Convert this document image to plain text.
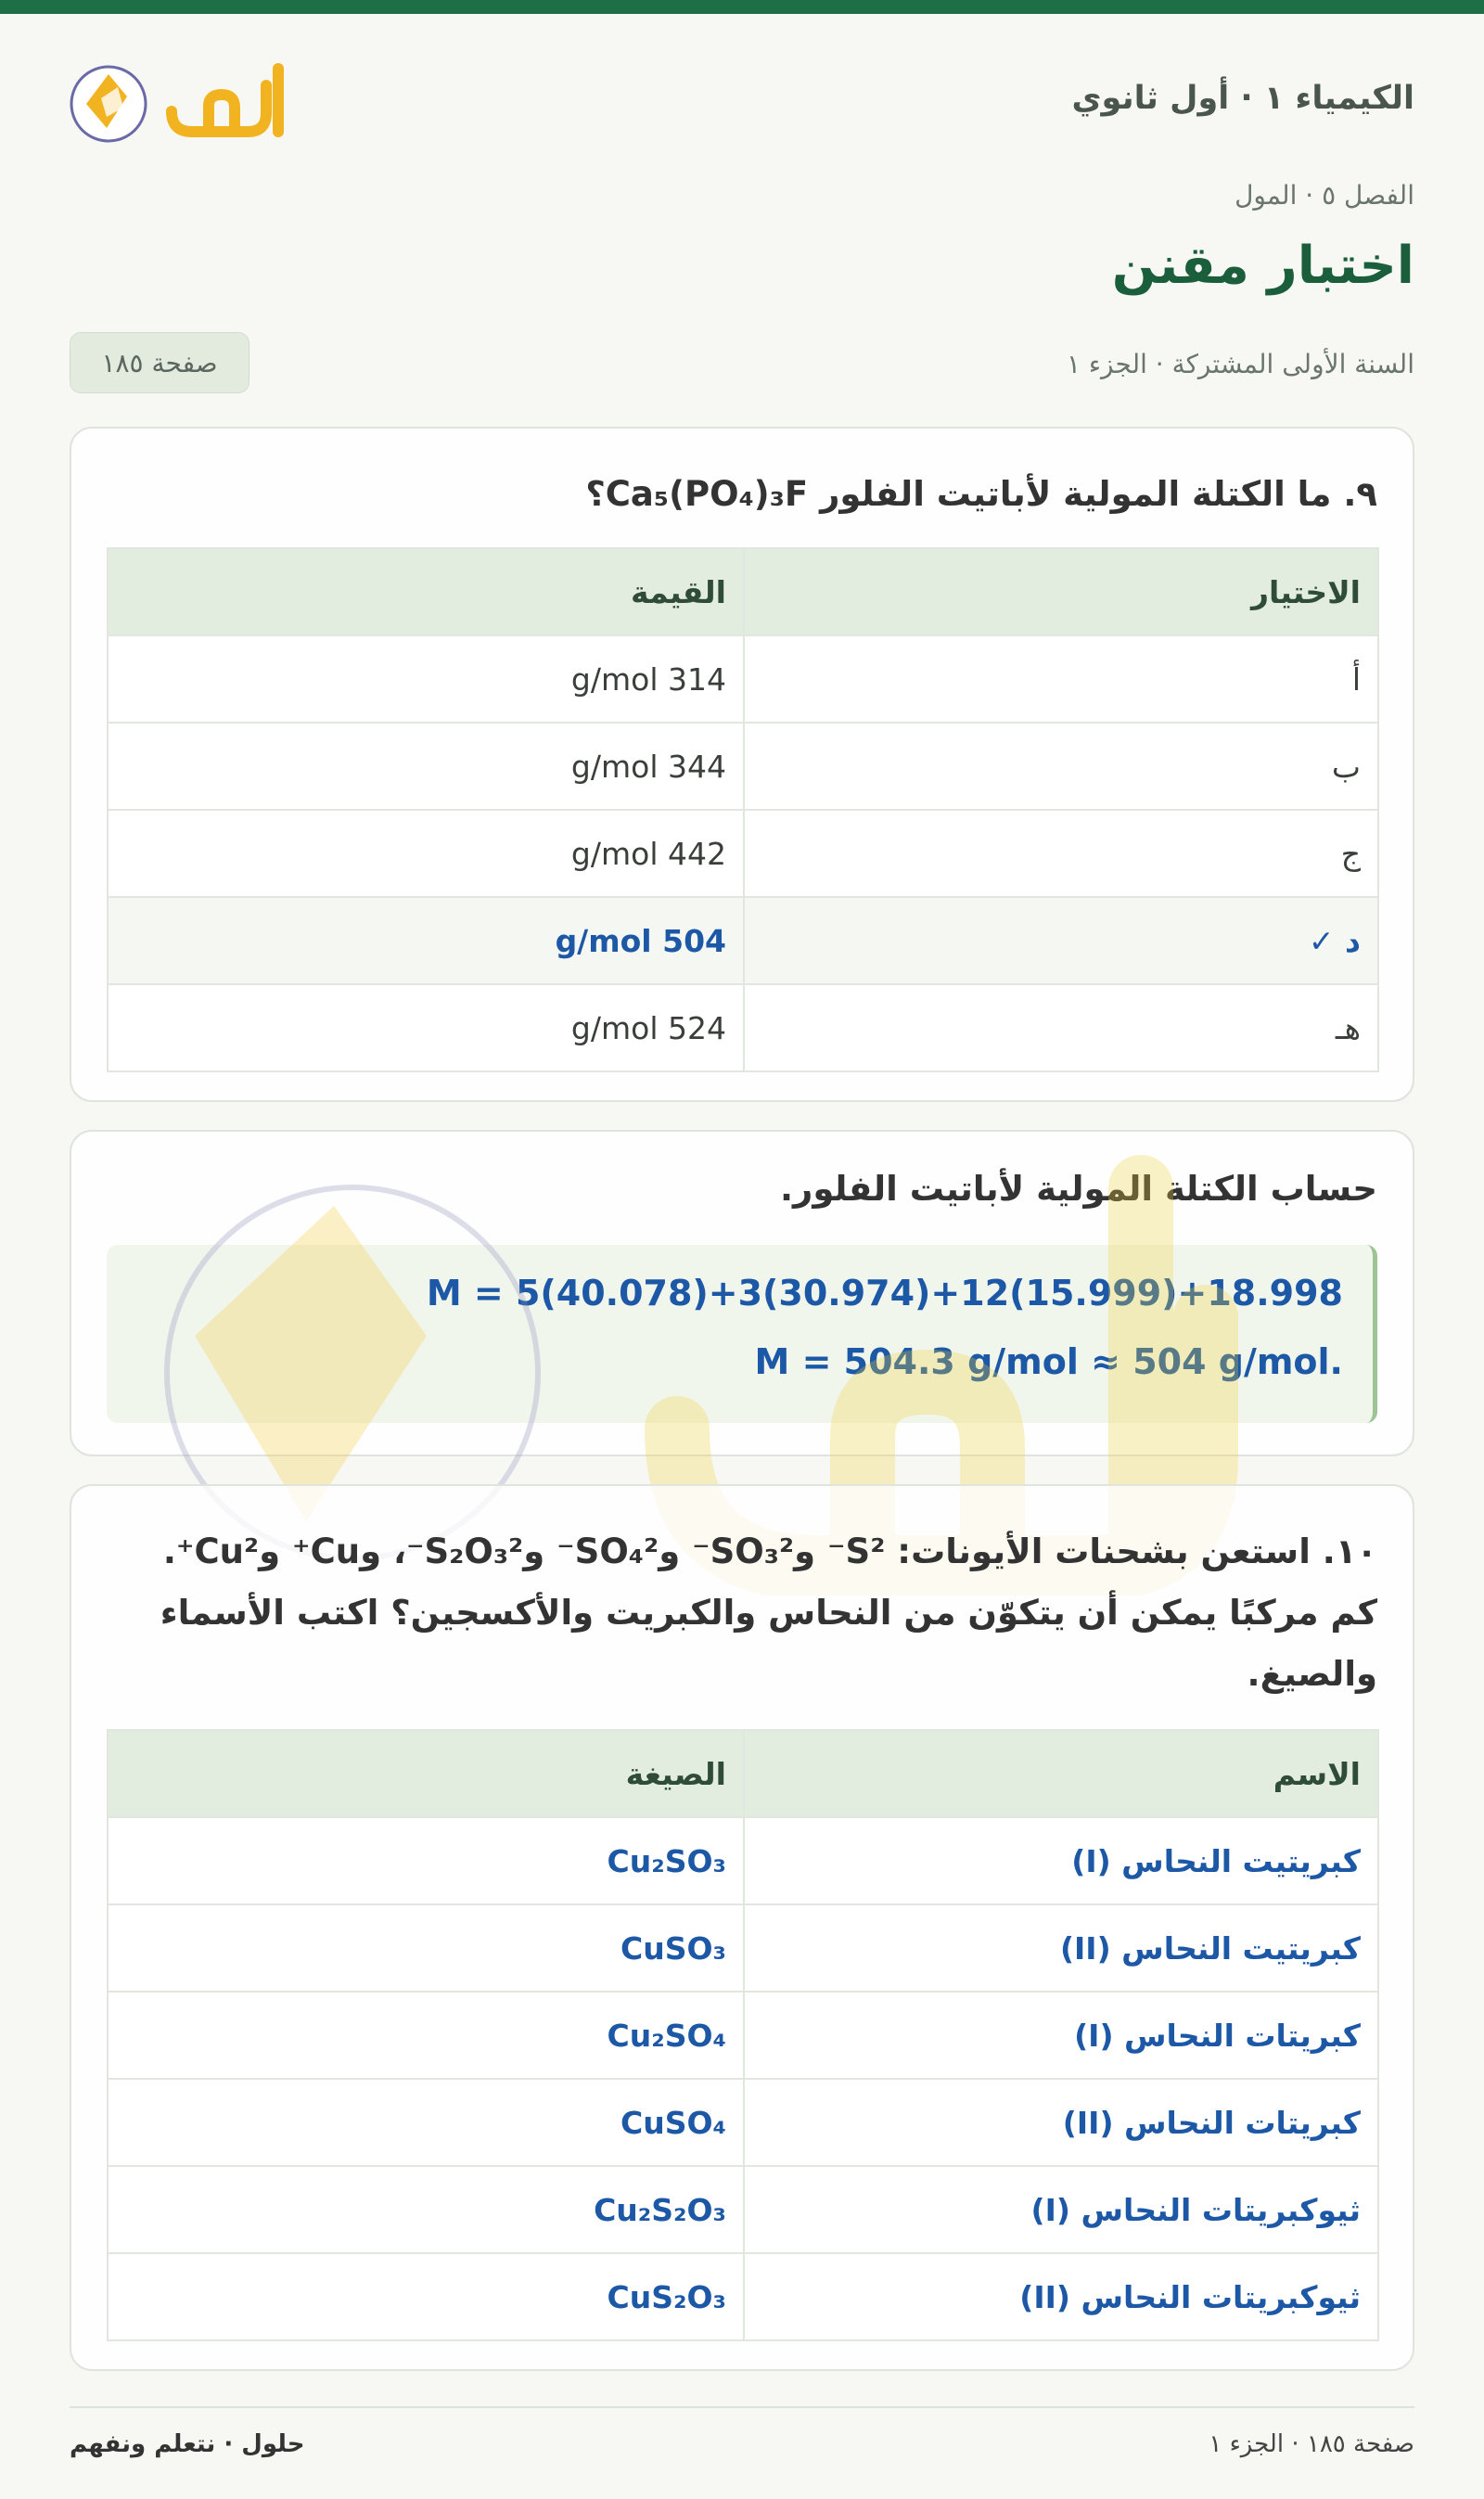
الكيمياء ١ · أول ثانوي
الفصل ٥ · المول
اختبار مقنن
السنة الأولى المشتركة · الجزء ١
صفحة ١٨٥
٩. ما الكتلة المولية لأباتيت الفلور Ca₅(PO₄)₃F؟
الاختيار	القيمة
أ	314 g/mol
ب	344 g/mol
ج	442 g/mol
د ✓	504 g/mol
هـ	524 g/mol
حساب الكتلة المولية لأباتيت الفلور.
M = 5(40.078)+3(30.974)+12(15.999)+18.998
M = 504.3 g/mol ≈ 504 g/mol.
١٠. استعن بشحنات الأيونات: S²⁻ وSO₃²⁻ وSO₄²⁻ وS₂O₃²⁻، وCu⁺ وCu²⁺. كم مركبًا يمكن أن يتكوّن من النحاس والكبريت والأكسجين؟ اكتب الأسماء والصيغ.
الاسم	الصيغة
كبريتيت النحاس (I)	Cu₂SO₃
كبريتيت النحاس (II)	CuSO₃
كبريتات النحاس (I)	Cu₂SO₄
كبريتات النحاس (II)	CuSO₄
ثيوكبريتات النحاس (I)	Cu₂S₂O₃
ثيوكبريتات النحاس (II)	CuS₂O₃
صفحة ١٨٥ · الجزء ١
حلول · نتعلم ونفهم
